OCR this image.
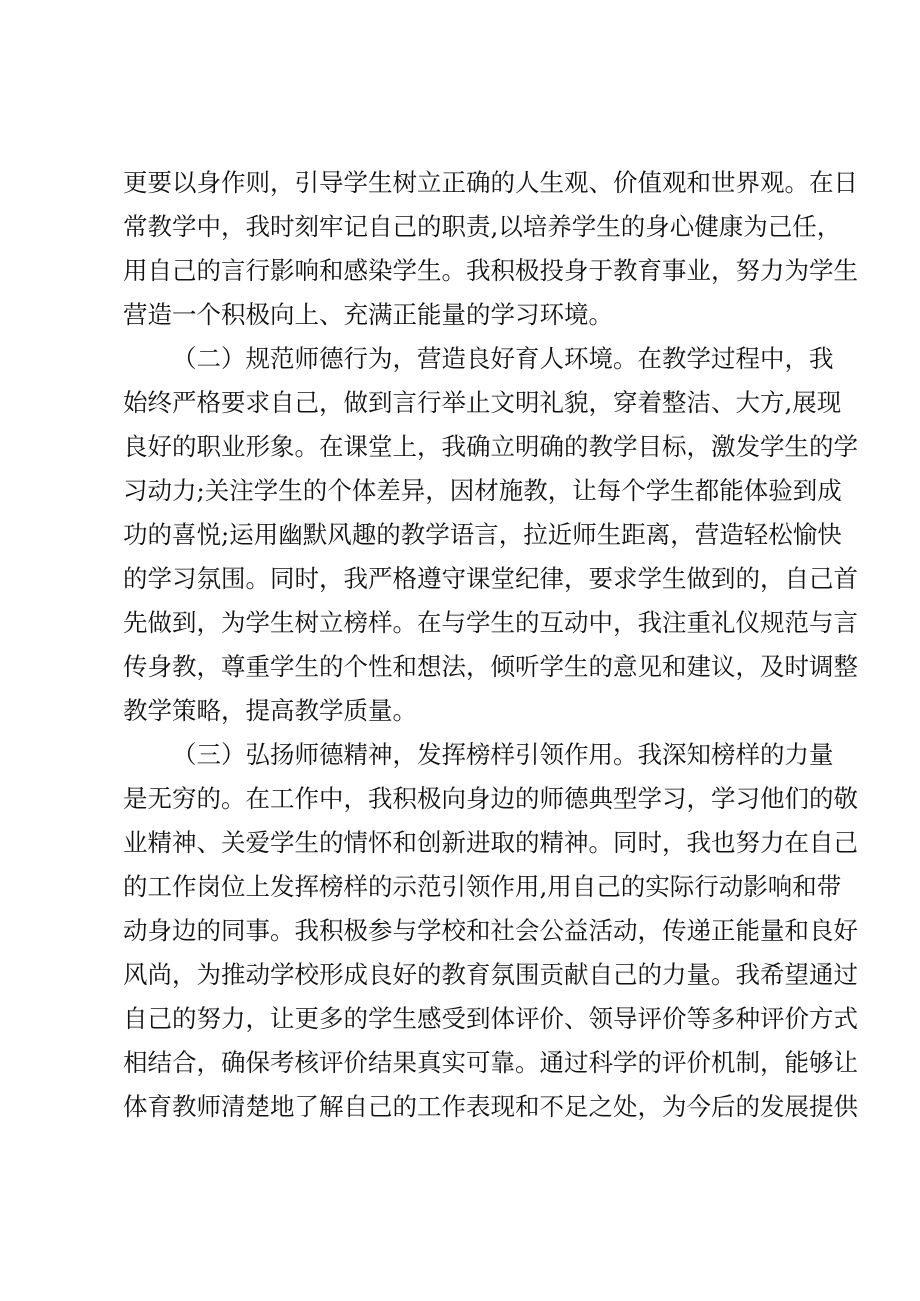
更要以身作则，引导学生树立正确的人生观、价值观和世界观。在日
常教学中，我时刻牢记自己的职责,以培养学生的身心健康为己任，
用自己的言行影响和感染学生。我积极投身于教育事业，努力为学生
营造一个积极向上、充满正能量的学习环境。
（二）规范师德行为，营造良好育人环境。在教学过程中，我
始终严格要求自己，做到言行举止文明礼貌，穿着整洁、大方,展现
良好的职业形象。在课堂上，我确立明确的教学目标，激发学生的学
习动力;关注学生的个体差异，因材施教，让每个学生都能体验到成
功的喜悦;运用幽默风趣的教学语言，拉近师生距离，营造轻松愉快
的学习氛围。同时，我严格遵守课堂纪律，要求学生做到的，自己首
先做到，为学生树立榜样。在与学生的互动中，我注重礼仪规范与言
传身教，尊重学生的个性和想法，倾听学生的意见和建议，及时调整
教学策略，提高教学质量。
（三）弘扬师德精神，发挥榜样引领作用。我深知榜样的力量
是无穷的。在工作中，我积极向身边的师德典型学习，学习他们的敬
业精神、关爱学生的情怀和创新进取的精神。同时，我也努力在自己
的工作岗位上发挥榜样的示范引领作用,用自己的实际行动影响和带
动身边的同事。我积极参与学校和社会公益活动，传递正能量和良好
风尚，为推动学校形成良好的教育氛围贡献自己的力量。我希望通过
自己的努力，让更多的学生感受到体评价、领导评价等多种评价方式
相结合，确保考核评价结果真实可靠。通过科学的评价机制，能够让
体育教师清楚地了解自己的工作表现和不足之处，为今后的发展提供
